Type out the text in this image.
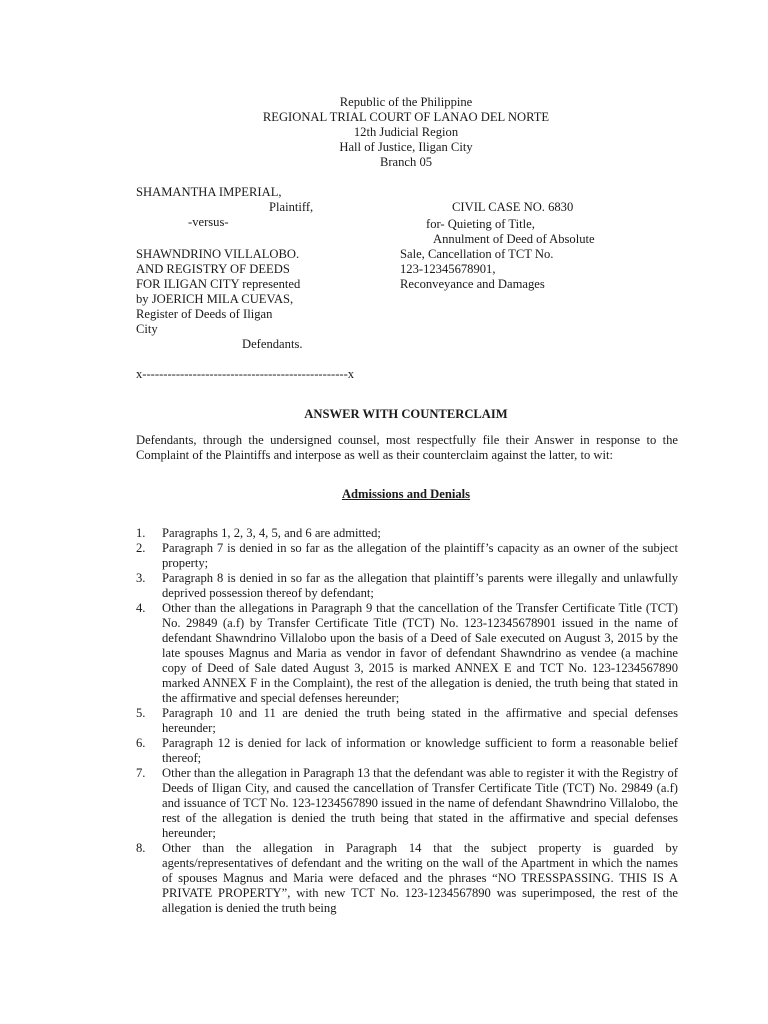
Republic of the Philippine
REGIONAL TRIAL COURT OF LANAO DEL NORTE
12th Judicial Region
Hall of Justice, Iligan City
Branch 05
SHAMANTHA IMPERIAL,
Plaintiff,
-versus-
SHAWNDRINO VILLALOBO.
AND REGISTRY OF DEEDS
FOR ILIGAN CITY represented
by JOERICH MILA CUEVAS,
Register of Deeds of Iligan
City
Defendants.
CIVIL CASE NO. 6830
for- Quieting of Title,
Annulment of Deed of Absolute
Sale, Cancellation of TCT No.
123-12345678901,
Reconveyance and Damages
x-------------------------------------------------x
ANSWER WITH COUNTERCLAIM
Defendants, through the undersigned counsel, most respectfully file their Answer in response to the Complaint of the Plaintiffs and interpose as well as their counterclaim against the latter, to wit:
Admissions and Denials
1. Paragraphs 1, 2, 3, 4, 5, and 6 are admitted;
2. Paragraph 7 is denied in so far as the allegation of the plaintiff’s capacity as an owner of the subject property;
3. Paragraph 8 is denied in so far as the allegation that plaintiff’s parents were illegally and unlawfully deprived possession thereof by defendant;
4. Other than the allegations in Paragraph 9 that the cancellation of the Transfer Certificate Title (TCT) No. 29849 (a.f) by Transfer Certificate Title (TCT) No. 123-12345678901 issued in the name of defendant Shawndrino Villalobo upon the basis of a Deed of Sale executed on August 3, 2015 by the late spouses Magnus and Maria as vendor in favor of defendant Shawndrino as vendee (a machine copy of Deed of Sale dated August 3, 2015 is marked ANNEX E and TCT No. 123-1234567890 marked ANNEX F in the Complaint), the rest of the allegation is denied, the truth being that stated in the affirmative and special defenses hereunder;
5. Paragraph 10 and 11 are denied the truth being stated in the affirmative and special defenses hereunder;
6. Paragraph 12 is denied for lack of information or knowledge sufficient to form a reasonable belief thereof;
7. Other than the allegation in Paragraph 13 that the defendant was able to register it with the Registry of Deeds of Iligan City, and caused the cancellation of Transfer Certificate Title (TCT) No. 29849 (a.f) and issuance of TCT No. 123-1234567890 issued in the name of defendant Shawndrino Villalobo, the rest of the allegation is denied the truth being that stated in the affirmative and special defenses hereunder;
8. Other than the allegation in Paragraph 14 that the subject property is guarded by agents/representatives of defendant and the writing on the wall of the Apartment in which the names of spouses Magnus and Maria were defaced and the phrases “NO TRESSPASSING. THIS IS A PRIVATE PROPERTY”, with new TCT No. 123-1234567890 was superimposed, the rest of the allegation is denied the truth being
